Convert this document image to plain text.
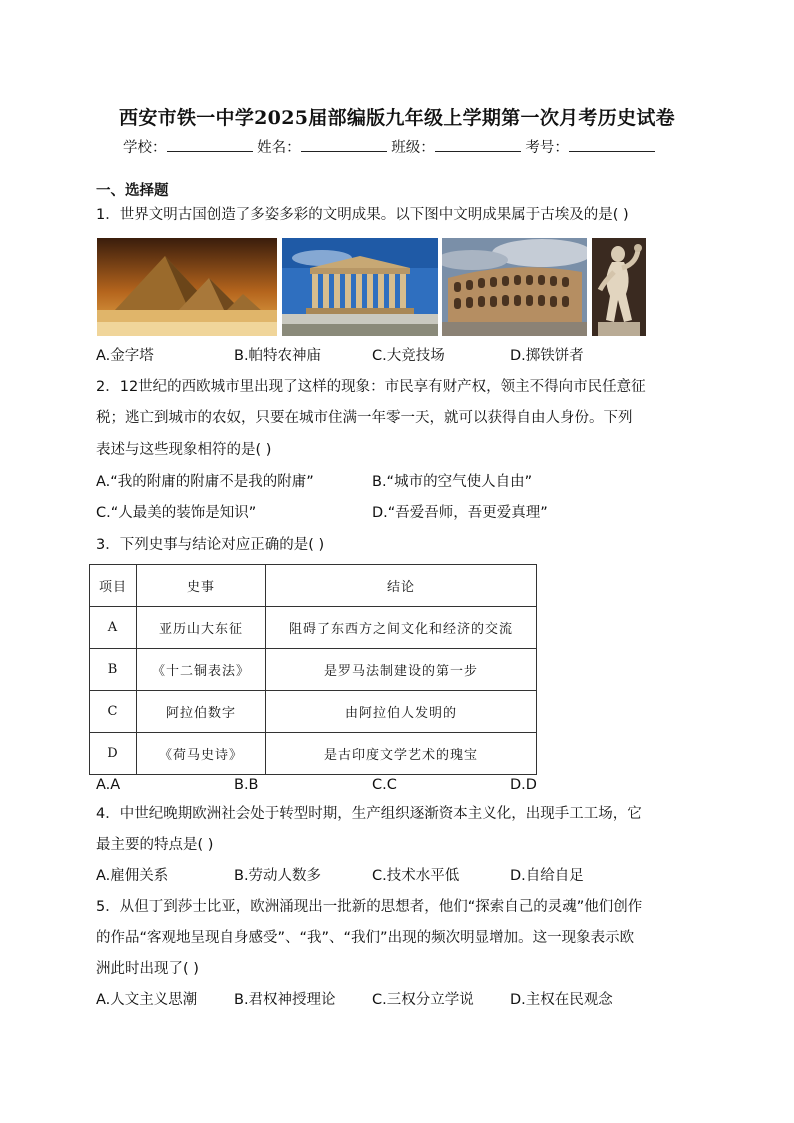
西安市铁一中学2025届部编版九年级上学期第一次月考历史试卷
学校：	姓名：	班级：	考号：
一、选择题
1．世界文明古国创造了多姿多彩的文明成果。以下图中文明成果属于古埃及的是( )
A.金字塔	B.帕特农神庙	C.大竞技场	D.掷铁饼者
2．12世纪的西欧城市里出现了这样的现象：市民享有财产权，领主不得向市民任意征
税；逃亡到城市的农奴，只要在城市住满一年零一天，就可以获得自由人身份。下列
表述与这些现象相符的是( )
A.“我的附庸的附庸不是我的附庸”	B.“城市的空气使人自由”
C.“人最美的装饰是知识”	D.“吾爱吾师，吾更爱真理”
3．下列史事与结论对应正确的是( )
项目	史事	结论
A	亚历山大东征	阻碍了东西方之间文化和经济的交流
B	《十二铜表法》	是罗马法制建设的第一步
C	阿拉伯数字	由阿拉伯人发明的
D	《荷马史诗》	是古印度文学艺术的瑰宝
A.A	B.B	C.C	D.D
4．中世纪晚期欧洲社会处于转型时期，生产组织逐渐资本主义化，出现手工工场，它
最主要的特点是( )
A.雇佣关系	B.劳动人数多	C.技术水平低	D.自给自足
5．从但丁到莎士比亚，欧洲涌现出一批新的思想者，他们“探索自己的灵魂”他们创作
的作品“客观地呈现自身感受”、“我”、“我们”出现的频次明显增加。这一现象表示欧
洲此时出现了( )
A.人文主义思潮	B.君权神授理论	C.三权分立学说	D.主权在民观念
